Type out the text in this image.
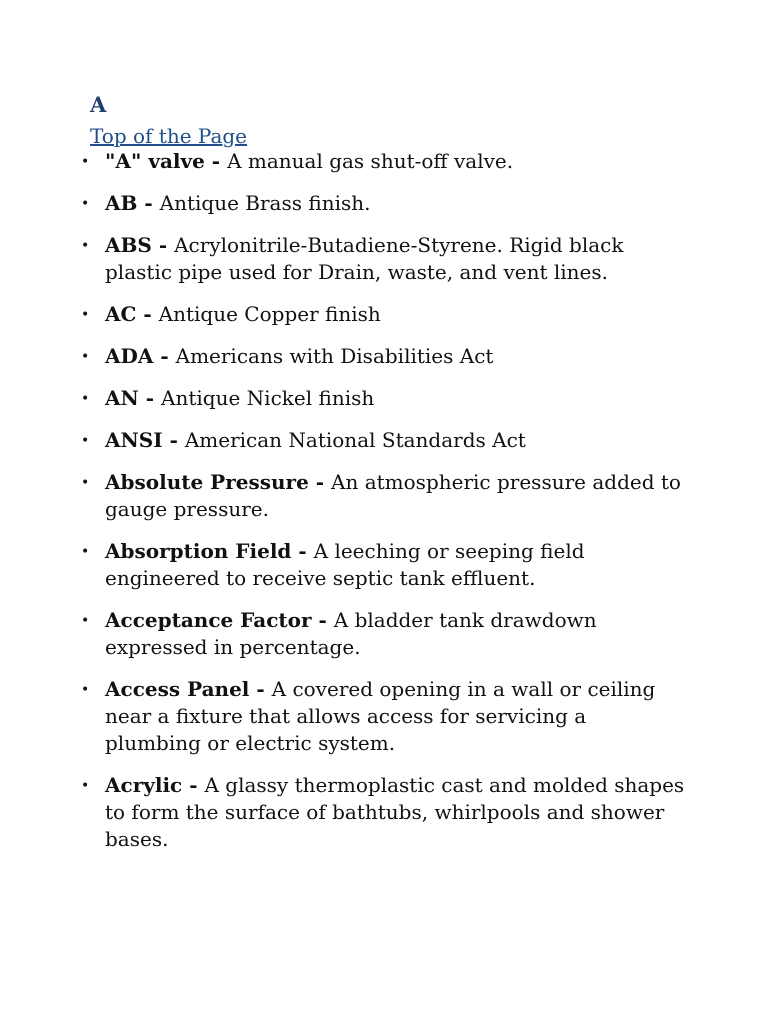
A
Top of the Page
• "A" valve - A manual gas shut-off valve.
• AB - Antique Brass finish.
• ABS - Acrylonitrile-Butadiene-Styrene. Rigid black plastic pipe used for Drain, waste, and vent lines.
• AC - Antique Copper finish
• ADA - Americans with Disabilities Act
• AN - Antique Nickel finish
• ANSI - American National Standards Act
• Absolute Pressure - An atmospheric pressure added to gauge pressure.
• Absorption Field - A leeching or seeping field engineered to receive septic tank effluent.
• Acceptance Factor - A bladder tank drawdown expressed in percentage.
• Access Panel - A covered opening in a wall or ceiling near a fixture that allows access for servicing a plumbing or electric system.
• Acrylic - A glassy thermoplastic cast and molded shapes to form the surface of bathtubs, whirlpools and shower bases.
